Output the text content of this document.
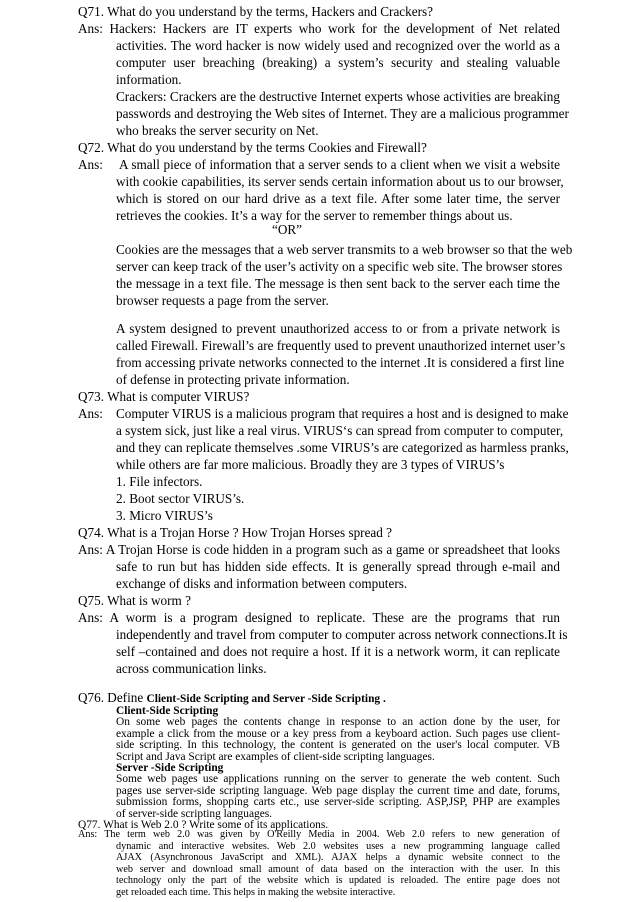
Q71. What do you understand by the terms, Hackers and Crackers?
Ans: Hackers: Hackers are IT experts who work for the development of Net related
activities. The word hacker is now widely used and recognized over the world as a
computer user breaching (breaking) a system’s security and stealing valuable
information.
Crackers: Crackers are the destructive Internet experts whose activities are breaking
passwords and destroying the Web sites of Internet. They are a malicious programmer
who breaks the server security on Net.
Q72. What do you understand by the terms Cookies and Firewall?
Ans: A small piece of information that a server sends to a client when we visit a website
with cookie capabilities, its server sends certain information about us to our browser,
which is stored on our hard drive as a text file. After some later time, the server
retrieves the cookies. It’s a way for the server to remember things about us.
“OR”
Cookies are the messages that a web server transmits to a web browser so that the web
server can keep track of the user’s activity on a specific web site. The browser stores
the message in a text file. The message is then sent back to the server each time the
browser requests a page from the server.
A system designed to prevent unauthorized access to or from a private network is
called Firewall. Firewall’s are frequently used to prevent unauthorized internet user’s
from accessing private networks connected to the internet .It is considered a first line
of defense in protecting private information.
Q73. What is computer VIRUS?
Ans: Computer VIRUS is a malicious program that requires a host and is designed to make
a system sick, just like a real virus. VIRUS‘s can spread from computer to computer,
and they can replicate themselves .some VIRUS’s are categorized as harmless pranks,
while others are far more malicious. Broadly they are 3 types of VIRUS’s
1. File infectors.
2. Boot sector VIRUS’s.
3. Micro VIRUS’s
Q74. What is a Trojan Horse ? How Trojan Horses spread ?
Ans: A Trojan Horse is code hidden in a program such as a game or spreadsheet that looks
safe to run but has hidden side effects. It is generally spread through e-mail and
exchange of disks and information between computers.
Q75. What is worm ?
Ans: A worm is a program designed to replicate. These are the programs that run
independently and travel from computer to computer across network connections.It is
self –contained and does not require a host. If it is a network worm, it can replicate
across communication links.
Q76. Define Client-Side Scripting and Server -Side Scripting .
Client-Side Scripting
On some web pages the contents change in response to an action done by the user, for
example a click from the mouse or a key press from a keyboard action. Such pages use client-
side scripting. In this technology, the content is generated on the user's local computer. VB
Script and Java Script are examples of client-side scripting languages.
Server -Side Scripting
Some web pages use applications running on the server to generate the web content. Such
pages use server-side scripting language. Web page display the current time and date, forums,
submission forms, shopping carts etc., use server-side scripting. ASP,JSP, PHP are examples
of server-side scripting languages.
Q77. What is Web 2.0 ? Write some of its applications.
Ans: The term web 2.0 was given by O'Reilly Media in 2004. Web 2.0 refers to new generation of
dynamic and interactive websites. Web 2.0 websites uses a new programming language called
AJAX (Asynchronous JavaScript and XML). AJAX helps a dynamic website connect to the
web server and download small amount of data based on the interaction with the user. In this
technology only the part of the website which is updated is reloaded. The entire page does not
get reloaded each time. This helps in making the website interactive.
